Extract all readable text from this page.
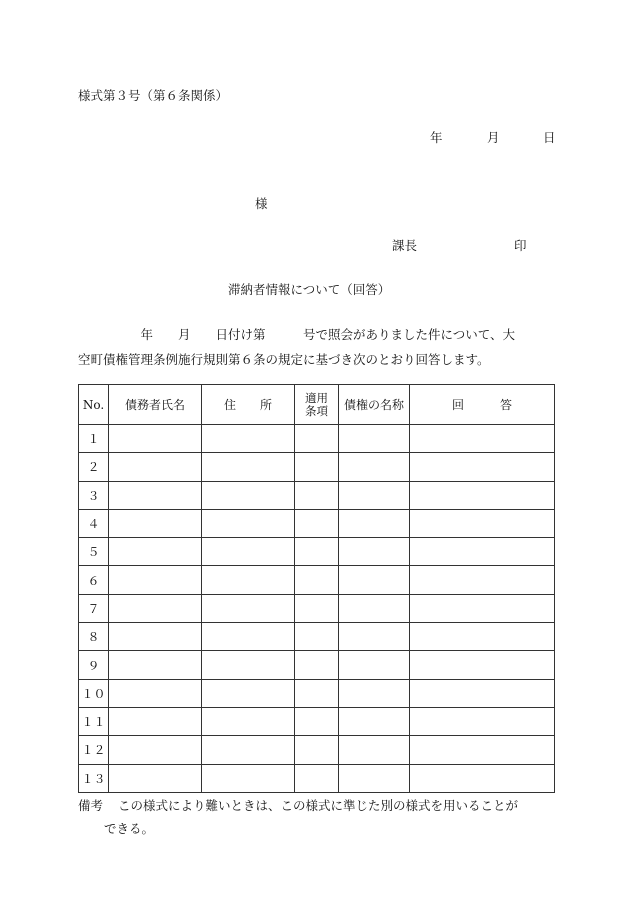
様式第３号（第６条関係）
年	月	日
様
課長	印
滞納者情報について（回答）
　　　　　年　　月　　日付け第　　　号で照会がありました件について、大
空町債権管理条例施行規則第６条の規定に基づき次のとおり回答します。
No.	債務者氏名	住　　所	適用条項	債権の名称	回　　　答
１					
２					
３					
４					
５					
６					
７					
８					
９					
１０					
１１					
１２					
１３					
備考 この様式により難いときは、この様式に準じた別の様式を用いることが
できる。
